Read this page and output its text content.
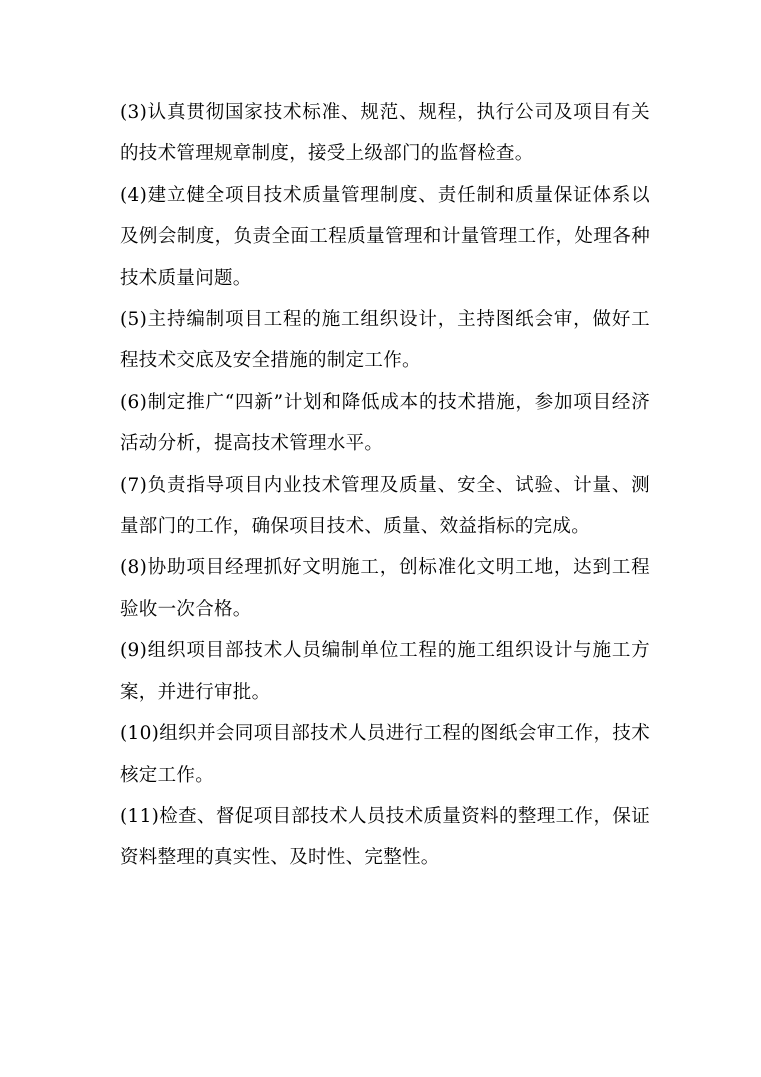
(3)认真贯彻国家技术标准、规范、规程，执行公司及项目有关的技术管理规章制度，接受上级部门的监督检查。

(4)建立健全项目技术质量管理制度、责任制和质量保证体系以及例会制度，负责全面工程质量管理和计量管理工作，处理各种技术质量问题。

(5)主持编制项目工程的施工组织设计，主持图纸会审，做好工程技术交底及安全措施的制定工作。

(6)制定推广“四新”计划和降低成本的技术措施，参加项目经济活动分析，提高技术管理水平。

(7)负责指导项目内业技术管理及质量、安全、试验、计量、测量部门的工作，确保项目技术、质量、效益指标的完成。

(8)协助项目经理抓好文明施工，创标准化文明工地，达到工程验收一次合格。

(9)组织项目部技术人员编制单位工程的施工组织设计与施工方案，并进行审批。

(10)组织并会同项目部技术人员进行工程的图纸会审工作，技术核定工作。

(11)检查、督促项目部技术人员技术质量资料的整理工作，保证资料整理的真实性、及时性、完整性。
